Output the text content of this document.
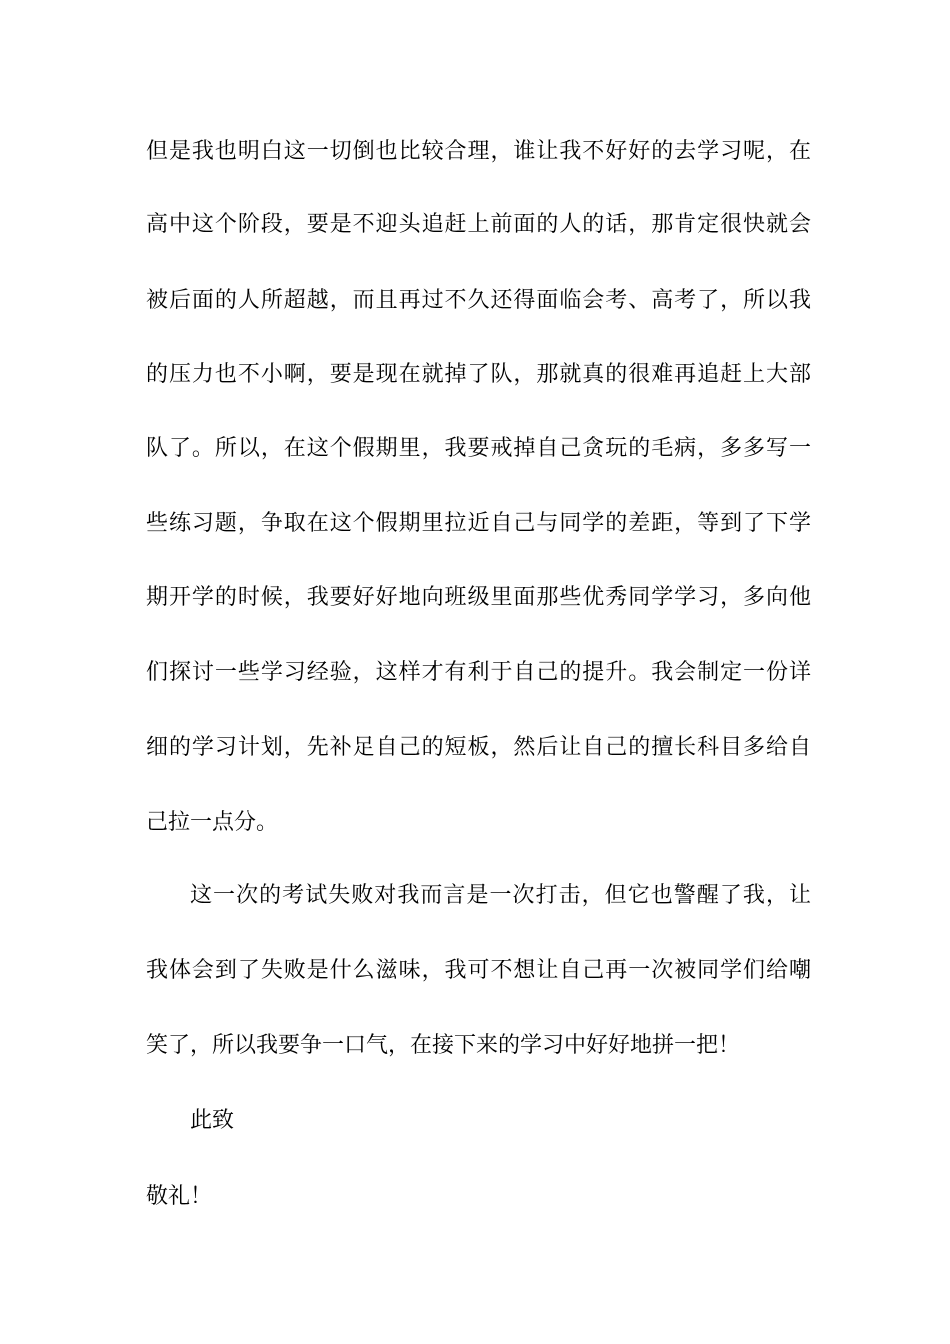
但是我也明白这一切倒也比较合理，谁让我不好好的去学习呢，在
高中这个阶段，要是不迎头追赶上前面的人的话，那肯定很快就会
被后面的人所超越，而且再过不久还得面临会考、高考了，所以我
的压力也不小啊，要是现在就掉了队，那就真的很难再追赶上大部
队了。所以，在这个假期里，我要戒掉自己贪玩的毛病，多多写一
些练习题，争取在这个假期里拉近自己与同学的差距，等到了下学
期开学的时候，我要好好地向班级里面那些优秀同学学习，多向他
们探讨一些学习经验，这样才有利于自己的提升。我会制定一份详
细的学习计划，先补足自己的短板，然后让自己的擅长科目多给自
己拉一点分。
这一次的考试失败对我而言是一次打击，但它也警醒了我，让
我体会到了失败是什么滋味，我可不想让自己再一次被同学们给嘲
笑了，所以我要争一口气，在接下来的学习中好好地拼一把！
此致
敬礼！
